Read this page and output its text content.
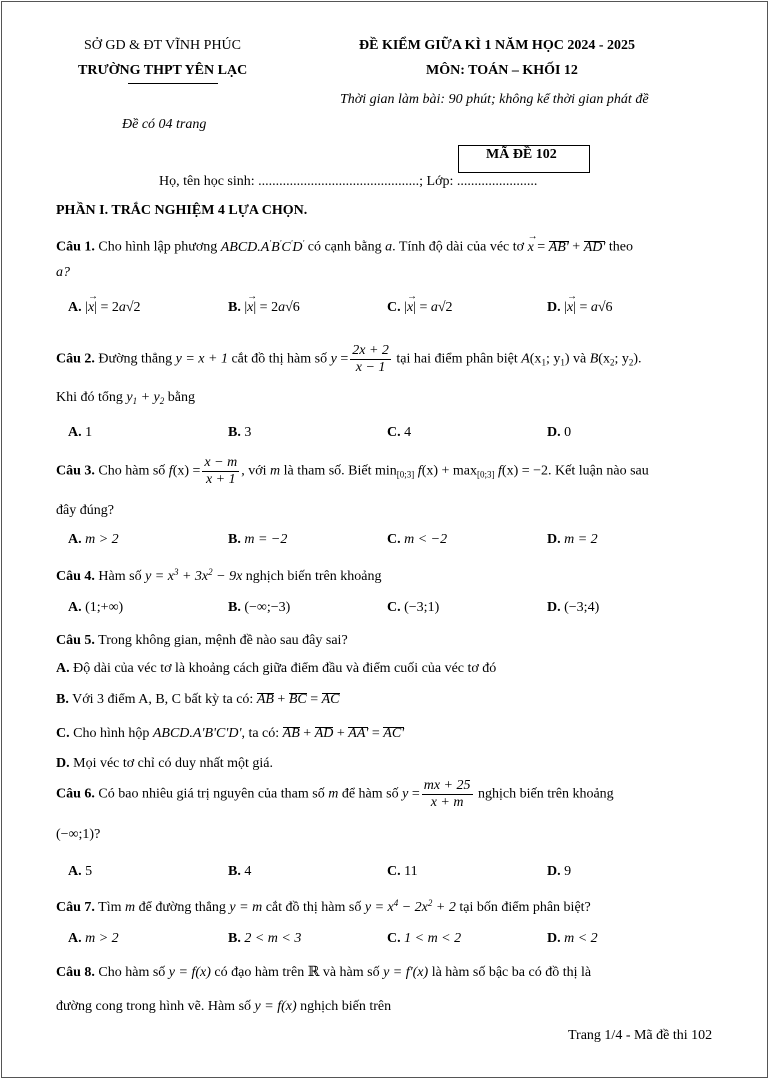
SỞ GD & ĐT VĨNH PHÚC
TRƯỜNG THPT YÊN LẠC
ĐỀ KIỂM GIỮA KÌ 1 NĂM HỌC 2024 - 2025
MÔN: TOÁN – KHỐI 12
Thời gian làm bài: 90 phút; không kể thời gian phát đề
Đề có 04 trang
MÃ ĐỀ 102
Họ, tên học sinh: ..............................................; Lớp: .......................
PHẦN I. TRẮC NGHIỆM 4 LỰA CHỌN.
Câu 1. Cho hình lập phương ABCD.A'B'C'D' có cạnh bằng a. Tính độ dài của véc tơ x → = AB' + AD' theo
a?
A. |x →| = 2a√2	B. |x →| = 2a√6	C. |x →| = a√2	D. |x →| = a√6
Câu 2. Đường thẳng y = x + 1 cắt đồ thị hàm số $y = \frac{2x + 2}{x - 1}$ tại hai điểm phân biệt $A(x_1$; $y_1$) và $B(x_2$; $y_2$).
Khi đó tổng $y_1 + y_2$ bằng
A. 1	B. 3	C. 4	D. 0
Câu 3. Cho hàm số $f(x) = \frac{x - m}{x + 1}$ , với m là tham số. Biết $\min_{[0;3]} f(x) + \max_{[0;3]} f(x) = -2$. Kết luận nào sau
đây đúng?
A. m > 2	B. m = −2	C. m < −2	D. m = 2
Câu 4. Hàm số $y = x^3 + 3x^2 - 9x$ nghịch biến trên khoảng
A. (1;+∞)	B. (−∞;−3)	C. (−3;1)	D. (−3;4)
Câu 5. Trong không gian, mệnh đề nào sau đây sai?
A. Độ dài của véc tơ là khoảng cách giữa điểm đầu và điểm cuối của véc tơ đó
B. Với 3 điểm A, B, C bất kỳ ta có: AB + BC = AC
C. Cho hình hộp ABCD.A'B'C'D', ta có: AB + AD + AA' = AC'
D. Mọi véc tơ chỉ có duy nhất một giá.
Câu 6. Có bao nhiêu giá trị nguyên của tham số m để hàm số $y = \frac{mx + 25}{x + m}$ nghịch biến trên khoảng
(−∞;1)?
A. 5	B. 4	C. 11	D. 9
Câu 7. Tìm m để đường thẳng y = m cắt đồ thị hàm số $y = x^4 - 2x^2 + 2$ tại bốn điểm phân biệt?
A. m > 2	B. 2 < m < 3	C. 1 < m < 2	D. m < 2
Câu 8. Cho hàm số y = f(x) có đạo hàm trên ℝ và hàm số y = f'(x) là hàm số bậc ba có đồ thị là
đường cong trong hình vẽ. Hàm số y = f(x) nghịch biến trên
Trang 1/4 - Mã đề thi 102
